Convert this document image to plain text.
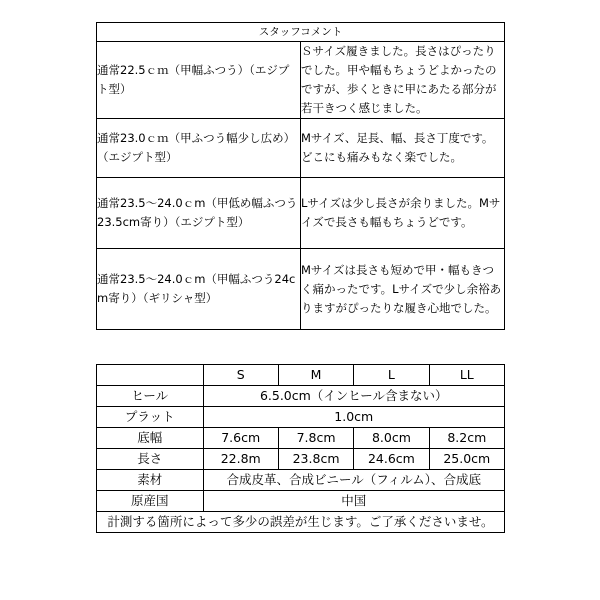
スタッフコメント	
通常22.5ｃｍ（甲幅ふつう）（エジプト型）	Ｓサイズ履きました。長さはぴったりでした。甲や幅もちょうどよかったのですが、歩くときに甲にあたる部分が若干きつく感じました。
通常23.0ｃｍ（甲ふつう幅少し広め）（エジプト型）	Mサイズ、足長、幅、長さ丁度です。どこにも痛みもなく楽でした。
通常23.5〜24.0ｃm（甲低め幅ふつう23.5cm寄り）（エジプト型）	Lサイズは少し長さが余りました。Mサイズで長さも幅もちょうどです。
通常23.5〜24.0ｃm（甲幅ふつう24cm寄り）（ギリシャ型）	Mサイズは長さも短めで甲・幅もきつく痛かったです。Lサイズで少し余裕ありますがぴったりな履き心地でした。
	S	M	L	LL
ヒール	6.5.0cm（インヒール含まない）			
プラット	1.0cm			
底幅	7.6cm	7.8cm	8.0cm	8.2cm
長さ	22.8m	23.8cm	24.6cm	25.0cm
素材	合成皮革、合成ビニール（フィルム）、合成底			
原産国	中国			
計測する箇所によって多少の誤差が生じます。ご了承くださいませ。				
